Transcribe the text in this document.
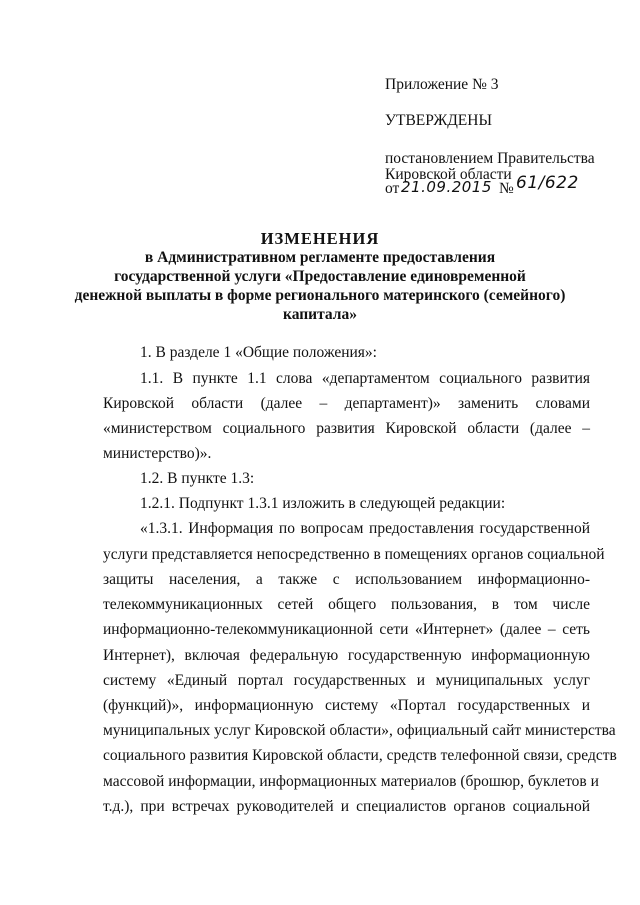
Приложение № 3
УТВЕРЖДЕНЫ
постановлением Правительства
Кировской области
от 21.09.2015 № 61/622
ИЗМЕНЕНИЯ
в Административном регламенте предоставления
государственной услуги «Предоставление единовременной
денежной выплаты в форме регионального материнского (семейного)
капитала»
1. В разделе 1 «Общие положения»:
1.1. В пункте 1.1 слова «департаментом социального развития
Кировской области (далее – департамент)» заменить словами
«министерством социального развития Кировской области (далее –
министерство)».
1.2. В пункте 1.3:
1.2.1. Подпункт 1.3.1 изложить в следующей редакции:
«1.3.1. Информация по вопросам предоставления государственной
услуги представляется непосредственно в помещениях органов социальной
защиты населения, а также с использованием информационно-
телекоммуникационных сетей общего пользования, в том числе
информационно-телекоммуникационной сети «Интернет» (далее – сеть
Интернет), включая федеральную государственную информационную
систему «Единый портал государственных и муниципальных услуг
(функций)», информационную систему «Портал государственных и
муниципальных услуг Кировской области», официальный сайт министерства
социального развития Кировской области, средств телефонной связи, средств
массовой информации, информационных материалов (брошюр, буклетов и
т.д.), при встречах руководителей и специалистов органов социальной
